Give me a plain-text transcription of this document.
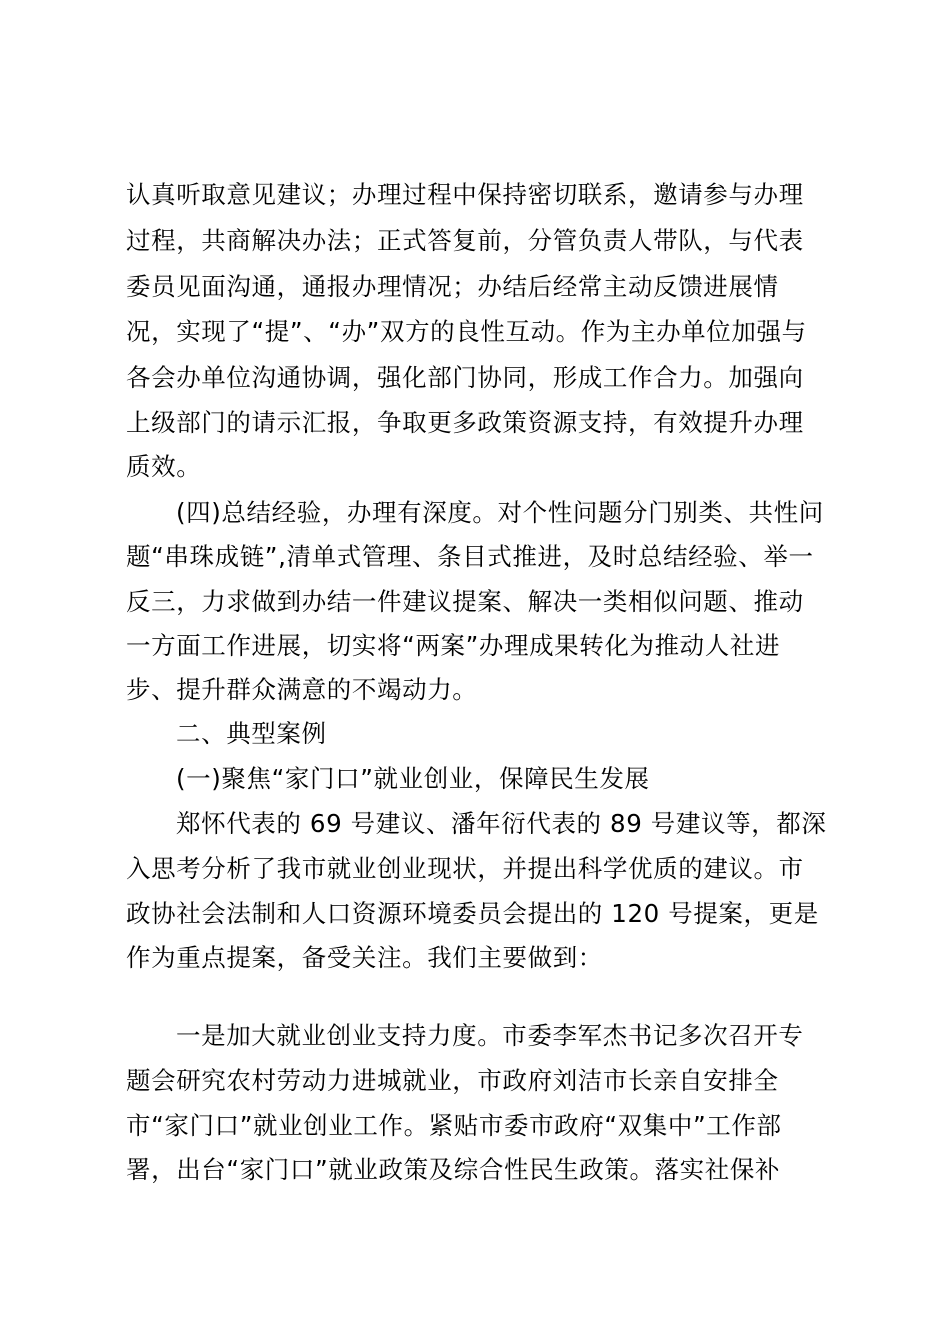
认真听取意见建议；办理过程中保持密切联系，邀请参与办理
过程，共商解决办法；正式答复前，分管负责人带队，与代表
委员见面沟通，通报办理情况；办结后经常主动反馈进展情
况，实现了“提”、“办”双方的良性互动。作为主办单位加强与
各会办单位沟通协调，强化部门协同，形成工作合力。加强向
上级部门的请示汇报，争取更多政策资源支持，有效提升办理
质效。
(四)总结经验，办理有深度。对个性问题分门别类、共性问
题“串珠成链”,清单式管理、条目式推进，及时总结经验、举一
反三，力求做到办结一件建议提案、解决一类相似问题、推动
一方面工作进展，切实将“两案”办理成果转化为推动人社进
步、提升群众满意的不竭动力。
二、典型案例
(一)聚焦“家门口”就业创业，保障民生发展
郑怀代表的 69 号建议、潘年衍代表的 89 号建议等，都深
入思考分析了我市就业创业现状，并提出科学优质的建议。市
政协社会法制和人口资源环境委员会提出的 120 号提案，更是
作为重点提案，备受关注。我们主要做到：
一是加大就业创业支持力度。市委李军杰书记多次召开专
题会研究农村劳动力进城就业，市政府刘洁市长亲自安排全
市“家门口”就业创业工作。紧贴市委市政府“双集中”工作部
署，出台“家门口”就业政策及综合性民生政策。落实社保补
